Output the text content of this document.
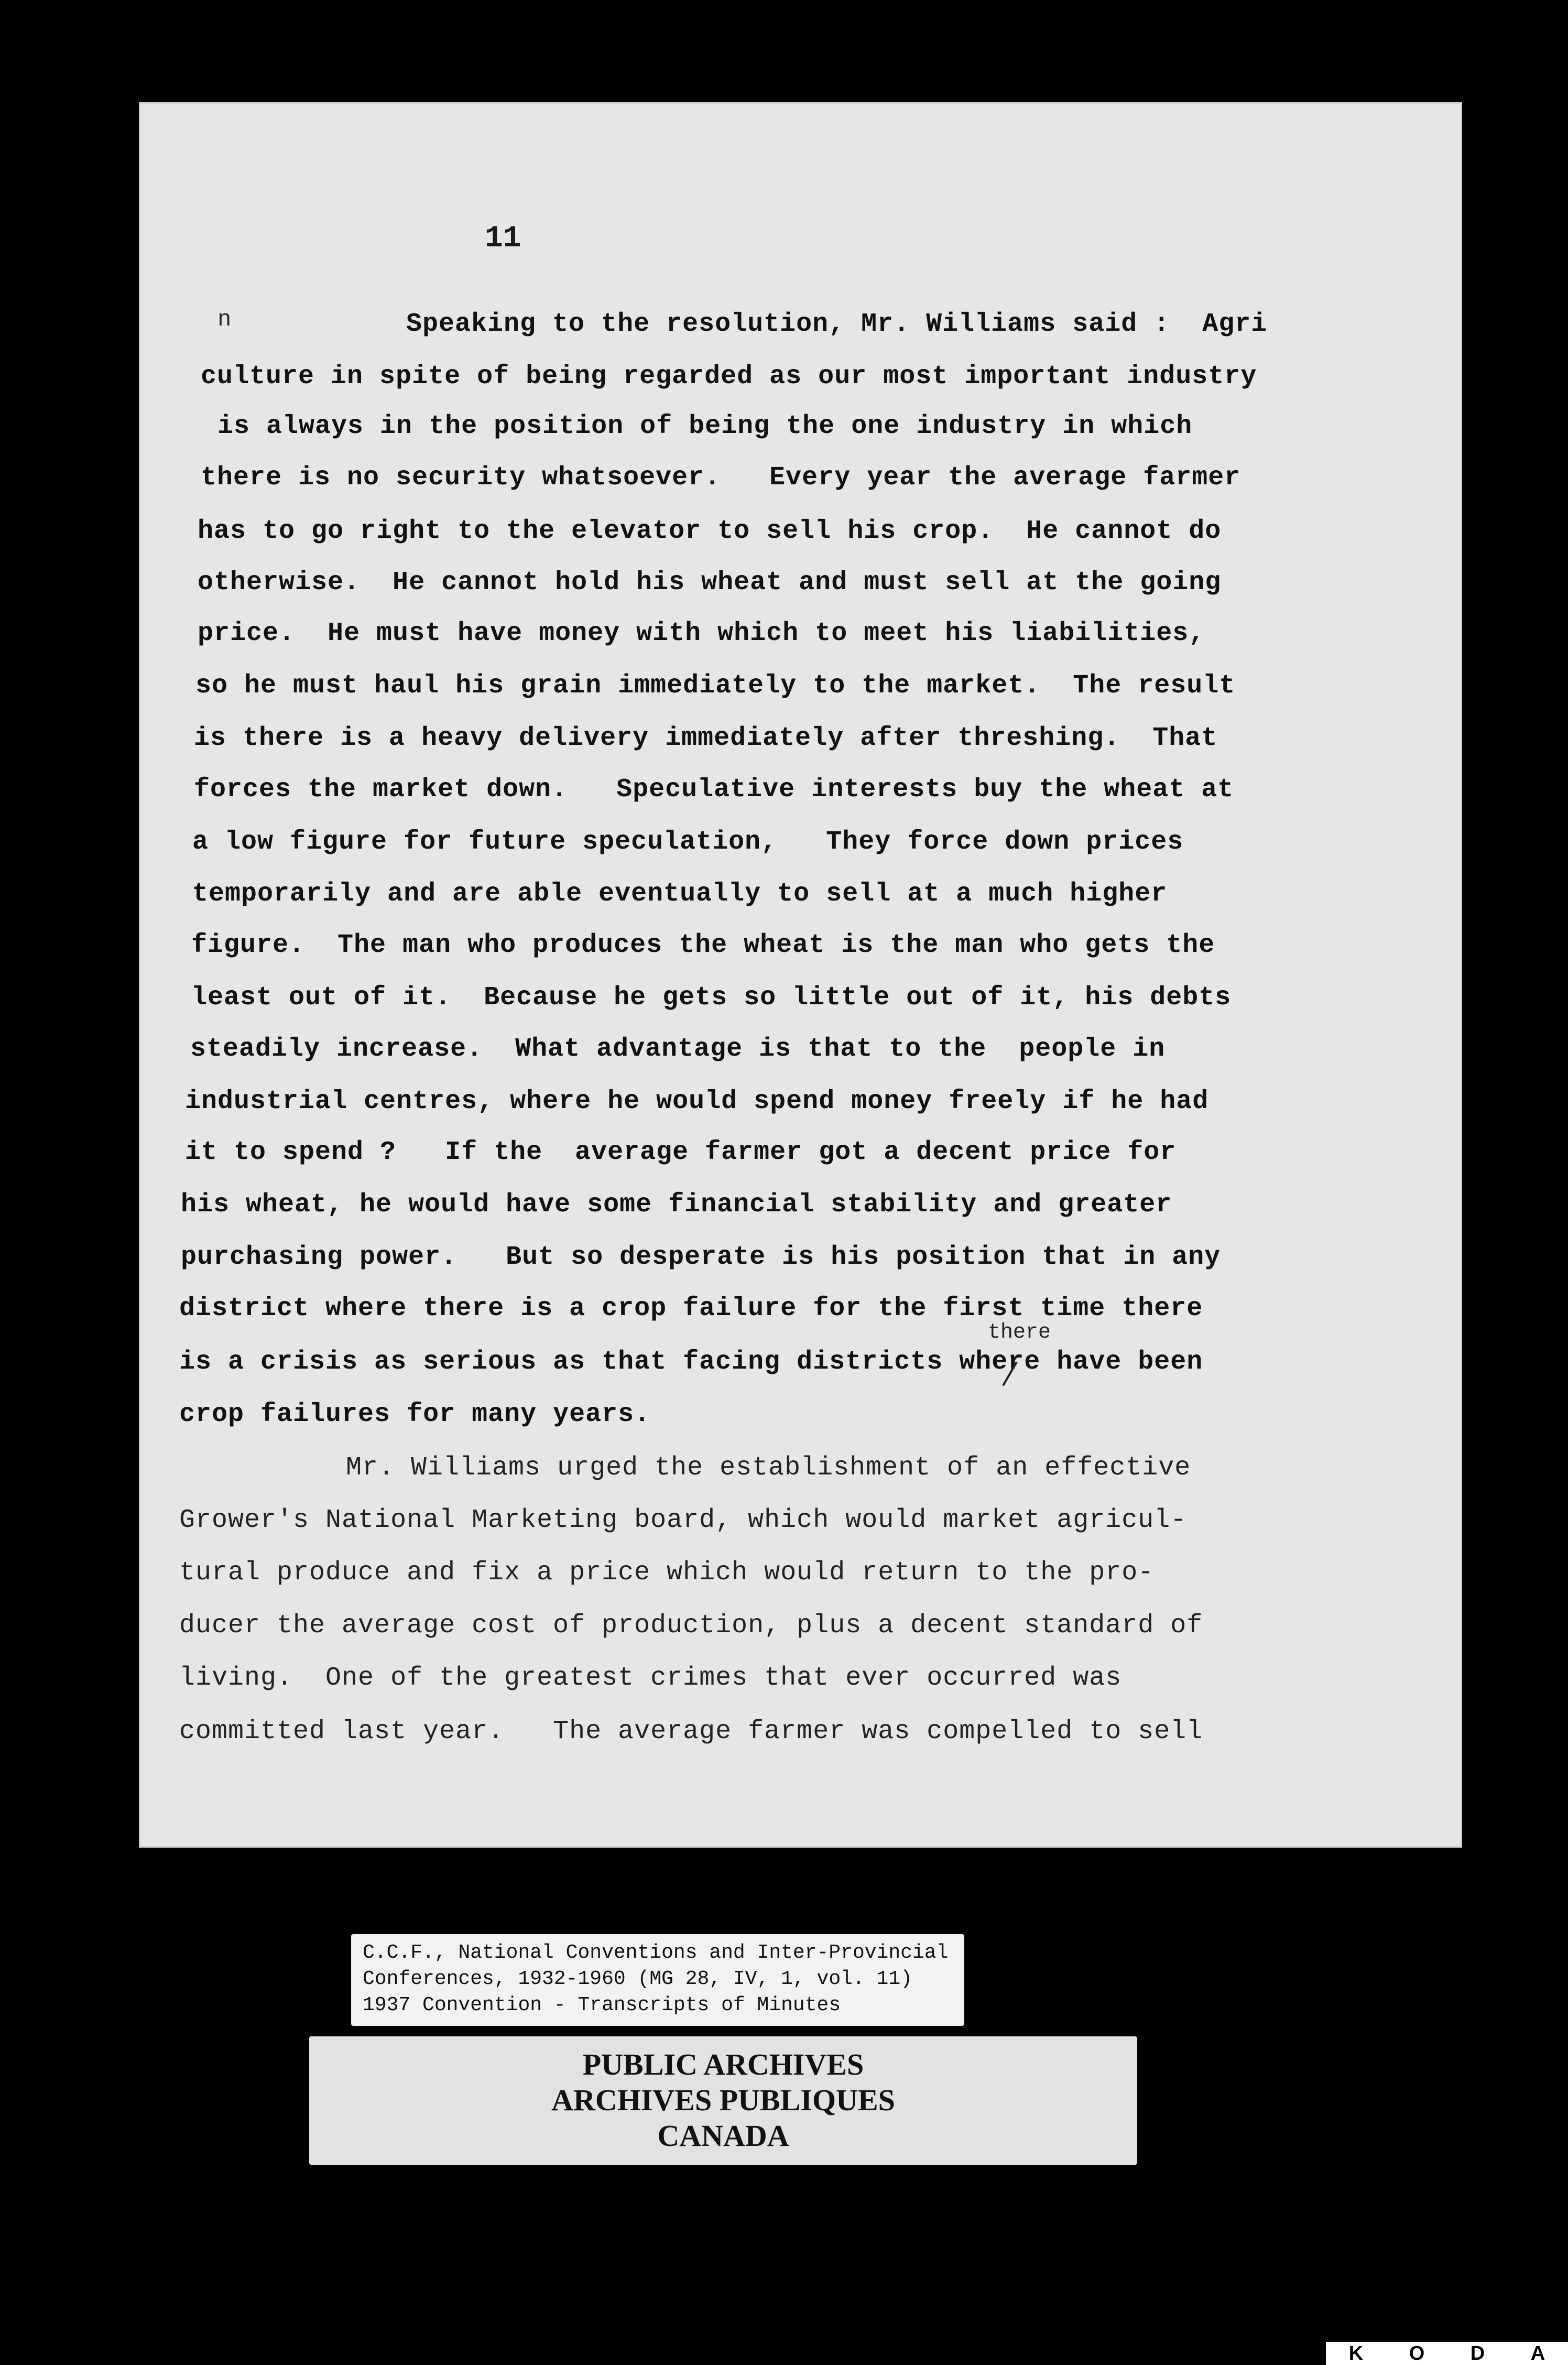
11
n	Speaking to the resolution, Mr. Williams said :  Agri
culture in spite of being regarded as our most important industry
is always in the position of being the one industry in which
there is no security whatsoever.   Every year the average farmer
has to go right to the elevator to sell his crop.  He cannot do
otherwise.  He cannot hold his wheat and must sell at the going
price.  He must have money with which to meet his liabilities,
so he must haul his grain immediately to the market.  The result
is there is a heavy delivery immediately after threshing.  That
forces the market down.   Speculative interests buy the wheat at
a low figure for future speculation,   They force down prices
temporarily and are able eventually to sell at a much higher
figure.  The man who produces the wheat is the man who gets the
least out of it.  Because he gets so little out of it, his debts
steadily increase.  What advantage is that to the  people in
industrial centres, where he would spend money freely if he had
it to spend ?   If the  average farmer got a decent price for
his wheat, he would have some financial stability and greater
purchasing power.   But so desperate is his position that in any
district where there is a crop failure for the first time there
is a crisis as serious as that facing districts where have been
there
crop failures for many years.
Mr. Williams urged the establishment of an effective
Grower's National Marketing board, which would market agricul-
tural produce and fix a price which would return to the pro-
ducer the average cost of production, plus a decent standard of
living.  One of the greatest crimes that ever occurred was
committed last year.   The average farmer was compelled to sell
C.C.F., National Conventions and Inter-Provincial
Conferences, 1932-1960 (MG 28, IV, 1, vol. 11)
1937 Convention - Transcripts of Minutes
PUBLIC ARCHIVES
ARCHIVES PUBLIQUES
CANADA
K O D A
